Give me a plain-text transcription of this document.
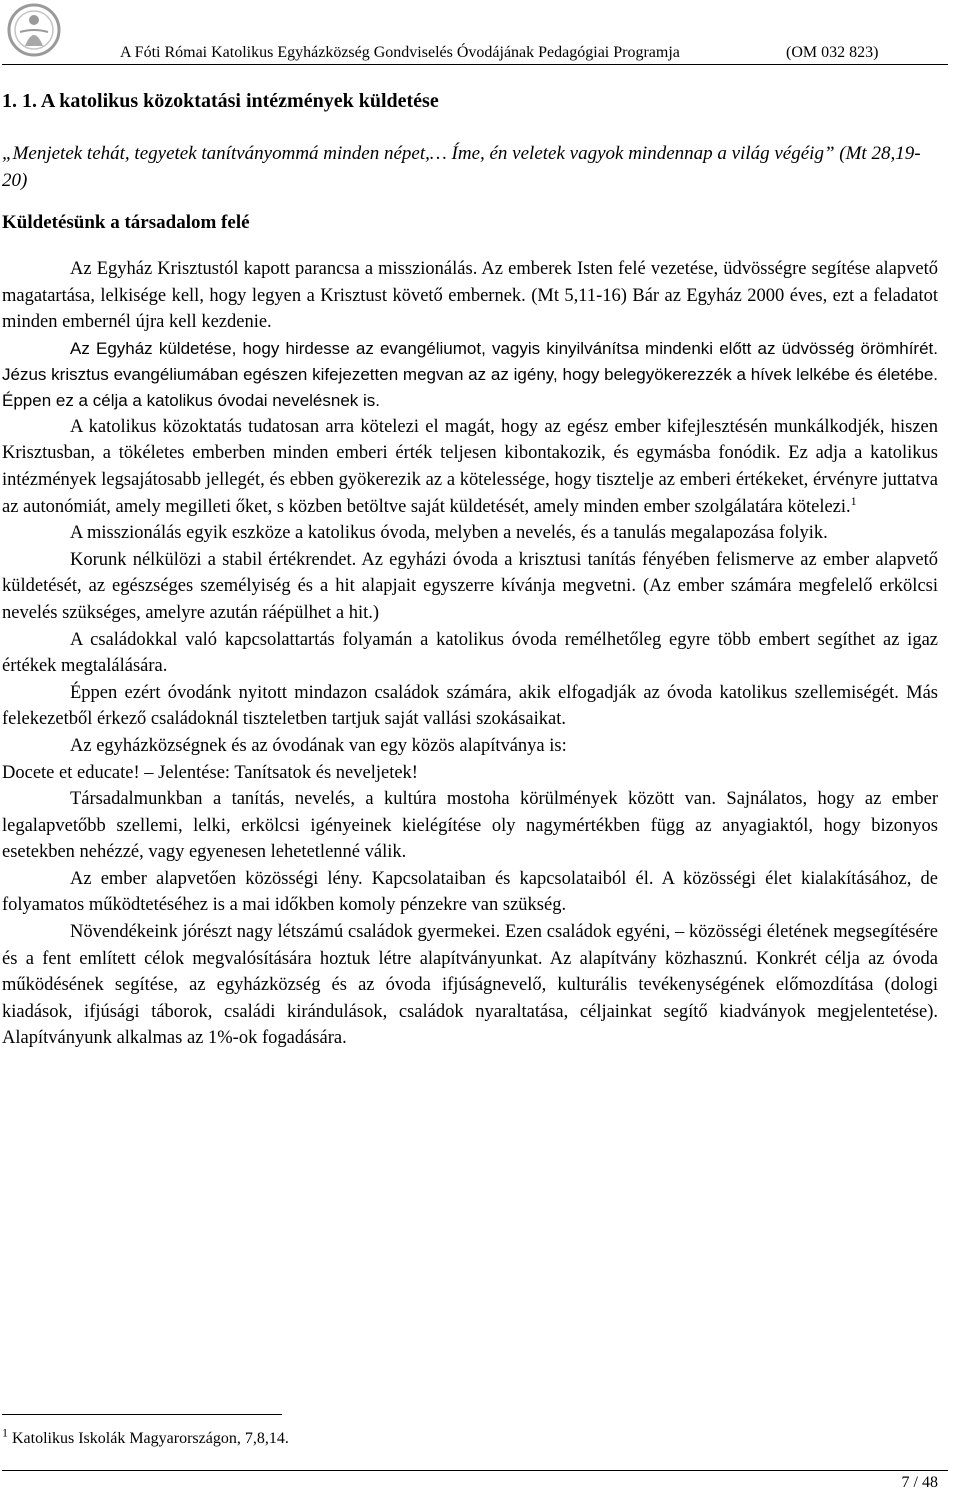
A Fóti Római Katolikus Egyházközség Gondviselés Óvodájának Pedagógiai Programja	(OM 032 823)
1. 1. A katolikus közoktatási intézmények küldetése
„Menjetek tehát, tegyetek tanítványommá minden népet,… Íme, én veletek vagyok mindennap a világ végéig” (Mt 28,19-20)
Küldetésünk a társadalom felé

Az Egyház Krisztustól kapott parancsa a misszionálás. Az emberek Isten felé vezetése, üdvösségre segítése alapvető magatartása, lelkisége kell, hogy legyen a Krisztust követő embernek. (Mt 5,11-16) Bár az Egyház 2000 éves, ezt a feladatot minden embernél újra kell kezdenie.

Az Egyház küldetése, hogy hirdesse az evangéliumot, vagyis kinyilvánítsa mindenki előtt az üdvösség örömhírét. Jézus krisztus evangéliumában egészen kifejezetten megvan az az igény, hogy belegyökerezzék a hívek lelkébe és életébe. Éppen ez a célja a katolikus óvodai nevelésnek is.

A katolikus közoktatás tudatosan arra kötelezi el magát, hogy az egész ember kifejlesztésén munkálkodjék, hiszen Krisztusban, a tökéletes emberben minden emberi érték teljesen kibontakozik, és egymásba fonódik. Ez adja a katolikus intézmények legsajátosabb jellegét, és ebben gyökerezik az a kötelessége, hogy tisztelje az emberi értékeket, érvényre juttatva az autonómiát, amely megilleti őket, s közben betöltve saját küldetését, amely minden ember szolgálatára kötelezi.$^1$

A misszionálás egyik eszköze a katolikus óvoda, melyben a nevelés, és a tanulás megalapozása folyik.

Korunk nélkülözi a stabil értékrendet. Az egyházi óvoda a krisztusi tanítás fényében felismerve az ember alapvető küldetését, az egészséges személyiség és a hit alapjait egyszerre kívánja megvetni. (Az ember számára megfelelő erkölcsi nevelés szükséges, amelyre azután ráépülhet a hit.)

A családokkal való kapcsolattartás folyamán a katolikus óvoda remélhetőleg egyre több embert segíthet az igaz értékek megtalálására.

Éppen ezért óvodánk nyitott mindazon családok számára, akik elfogadják az óvoda katolikus szellemiségét. Más felekezetből érkező családoknál tiszteletben tartjuk saját vallási szokásaikat.

Az egyházközségnek és az óvodának van egy közös alapítványa is:

Docete et educate! – Jelentése: Tanítsatok és neveljetek!

Társadalmunkban a tanítás, nevelés, a kultúra mostoha körülmények között van. Sajnálatos, hogy az ember legalapvetőbb szellemi, lelki, erkölcsi igényeinek kielégítése oly nagymértékben függ az anyagiaktól, hogy bizonyos esetekben nehézzé, vagy egyenesen lehetetlenné válik.

Az ember alapvetően közösségi lény. Kapcsolataiban és kapcsolataiból él. A közösségi élet kialakításához, de folyamatos működtetéséhez is a mai időkben komoly pénzekre van szükség.

Növendékeink jórészt nagy létszámú családok gyermekei. Ezen családok egyéni, – közösségi életének megsegítésére és a fent említett célok megvalósítására hoztuk létre alapítványunkat. Az alapítvány közhasznú. Konkrét célja az óvoda működésének segítése, az egyházközség és az óvoda ifjúságnevelő, kulturális tevékenységének előmozdítása (dologi kiadások, ifjúsági táborok, családi kirándulások, családok nyaraltatása, céljainkat segítő kiadványok megjelentetése). Alapítványunk alkalmas az 1%-ok fogadására.

$^1$ Katolikus Iskolák Magyarországon, 7,8,14.
7 / 48
